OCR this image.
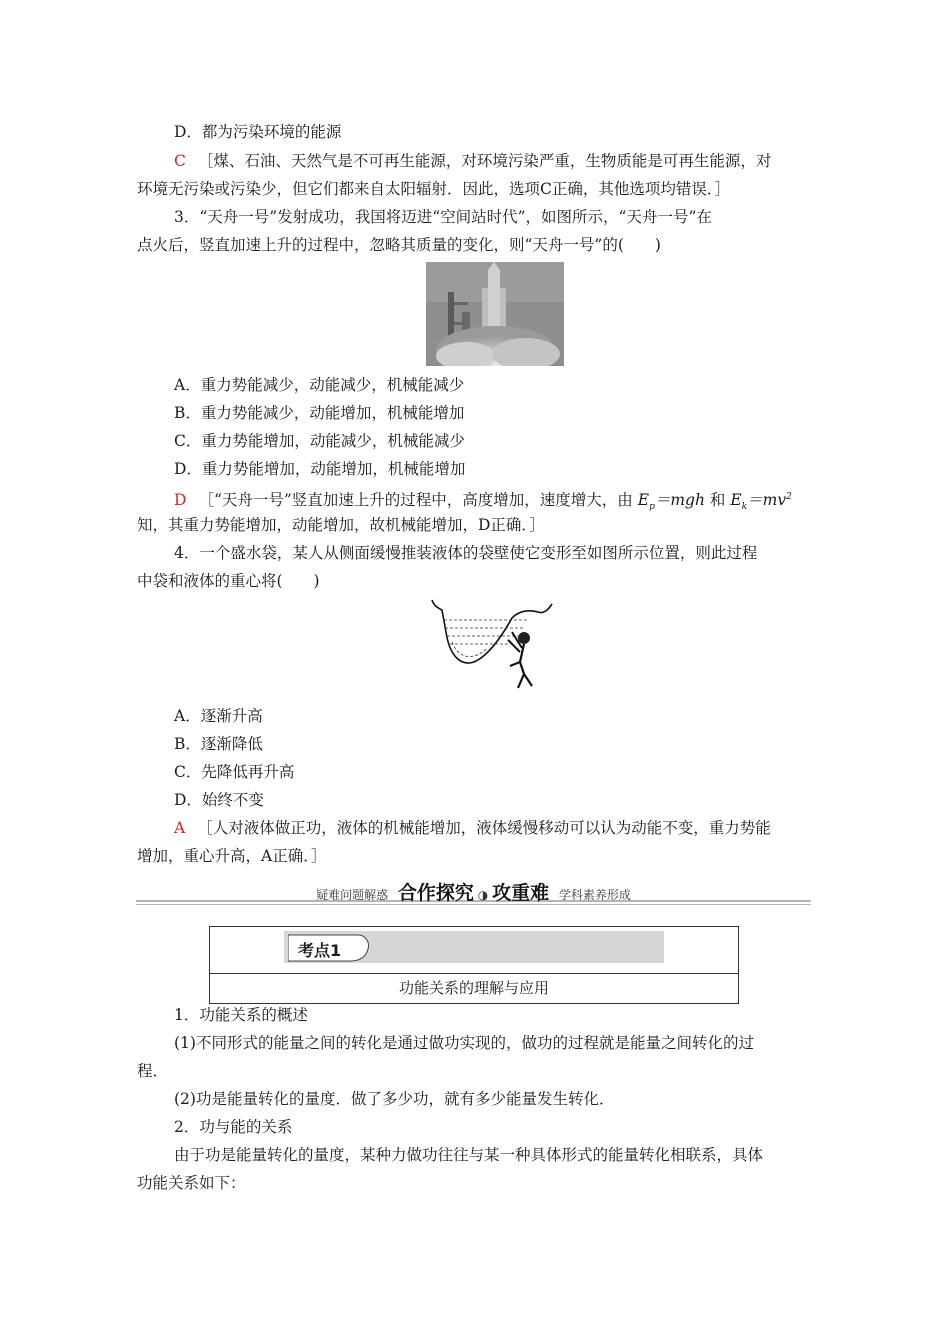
D．都为污染环境的能源
C ［煤、石油、天然气是不可再生能源，对环境污染严重，生物质能是可再生能源，对
环境无污染或污染少，但它们都来自太阳辐射．因此，选项C正确，其他选项均错误．］
3．“天舟一号”发射成功，我国将迈进“空间站时代”，如图所示，“天舟一号”在
点火后，竖直加速上升的过程中，忽略其质量的变化，则“天舟一号”的(　　)
A．重力势能减少，动能减少，机械能减少
B．重力势能减少，动能增加，机械能增加
C．重力势能增加，动能减少，机械能减少
D．重力势能增加，动能增加，机械能增加
D ［“天舟一号”竖直加速上升的过程中，高度增加，速度增大，由 $E_p=mgh$ 和 $E_k=mv^2$
知，其重力势能增加，动能增加，故机械能增加，D正确．］
4．一个盛水袋，某人从侧面缓慢推装液体的袋壁使它变形至如图所示位置，则此过程
中袋和液体的重心将(　　)
A．逐渐升高
B．逐渐降低
C．先降低再升高
D．始终不变
A ［人对液体做正功，液体的机械能增加，液体缓慢移动可以认为动能不变，重力势能
增加，重心升高，A正确．］
疑难问题解惑 合作探究 ◑ 攻重难 学科素养形成
考点1
功能关系的理解与应用
1．功能关系的概述
(1)不同形式的能量之间的转化是通过做功实现的，做功的过程就是能量之间转化的过
程．
(2)功是能量转化的量度．做了多少功，就有多少能量发生转化．
2．功与能的关系
由于功是能量转化的量度，某种力做功往往与某一种具体形式的能量转化相联系，具体
功能关系如下：
